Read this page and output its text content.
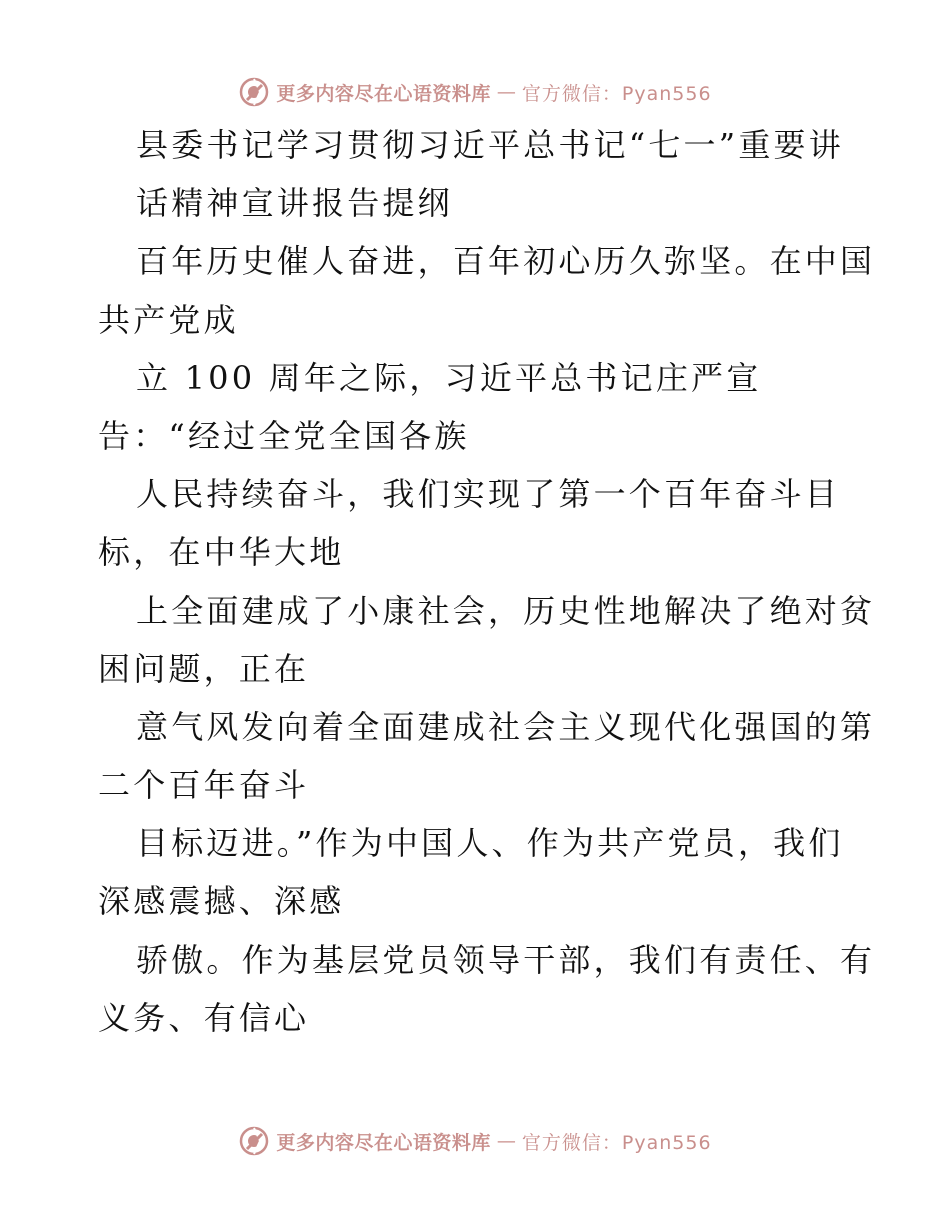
更多内容尽在心语资料库 — 官方微信：Pyan556
县委书记学习贯彻习近平总书记“七一”重要讲
话精神宣讲报告提纲
百年历史催人奋进，百年初心历久弥坚。在中国
共产党成
立 100 周年之际，习近平总书记庄严宣
告：“经过全党全国各族
人民持续奋斗，我们实现了第一个百年奋斗目
标，在中华大地
上全面建成了小康社会，历史性地解决了绝对贫
困问题，正在
意气风发向着全面建成社会主义现代化强国的第
二个百年奋斗
目标迈进。”作为中国人、作为共产党员，我们
深感震撼、深感
骄傲。作为基层党员领导干部，我们有责任、有
义务、有信心
更多内容尽在心语资料库 — 官方微信：Pyan556
